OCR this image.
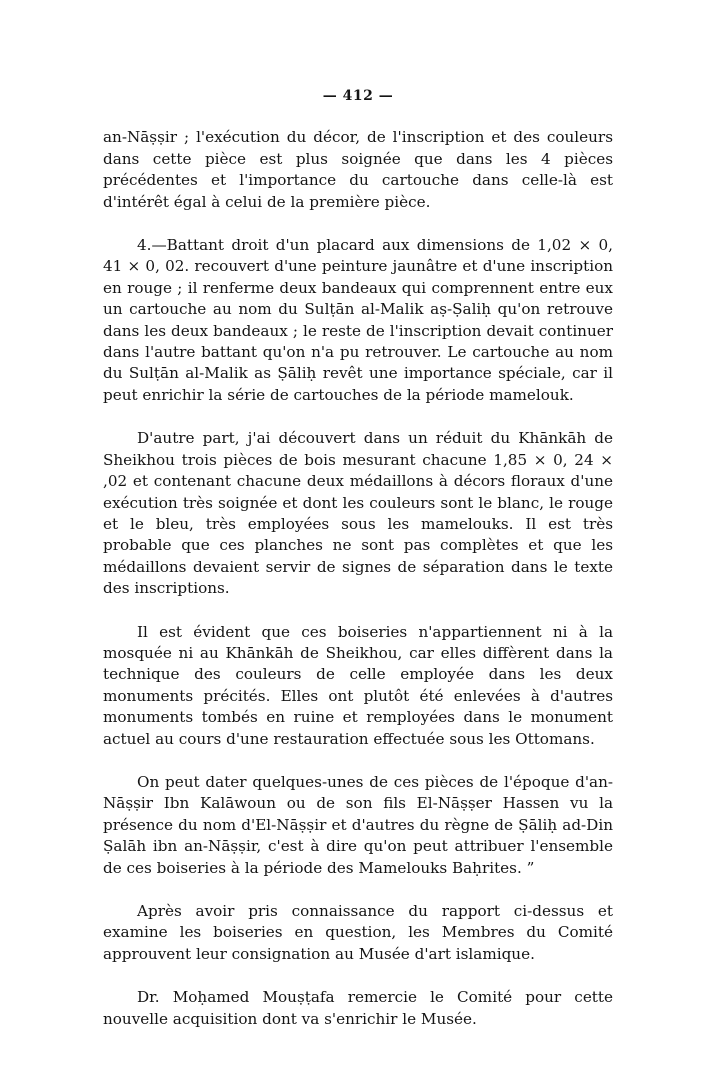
— 412 —

an-Nāṣṣir ; l'exécution du décor, de l'inscription et des couleurs dans cette pièce est plus soignée que dans les 4 pièces précédentes et l'importance du cartouche dans celle-là est d'intérêt égal à celui de la première pièce.

4.—Battant droit d'un placard aux dimensions de 1,02 × 0, 41 × 0, 02. recouvert d'une peinture jaunâtre et d'une inscription en rouge ; il renferme deux bandeaux qui comprennent entre eux un cartouche au nom du Sulṭān al-Malik aṣ-Ṣaliḥ qu'on retrouve dans les deux bandeaux ; le reste de l'inscription devait continuer dans l'autre battant qu'on n'a pu retrouver. Le cartouche au nom du Sulṭān al-Malik as Ṣāliḥ revêt une importance spéciale, car il peut enrichir la série de cartouches de la période mamelouk.

D'autre part, j'ai découvert dans un réduit du Khānkāh de Sheikhou trois pièces de bois mesurant chacune 1,85 × 0, 24 × ,02 et contenant chacune deux médaillons à décors floraux d'une exécution très soignée et dont les couleurs sont le blanc, le rouge et le bleu, très employées sous les mamelouks. Il est très probable que ces planches ne sont pas complètes et que les médaillons devaient servir de signes de séparation dans le texte des inscriptions.

Il est évident que ces boiseries n'appartiennent ni à la mosquée ni au Khānkāh de Sheikhou, car elles diffèrent dans la technique des couleurs de celle employée dans les deux monuments précités. Elles ont plutôt été enlevées à d'autres monuments tombés en ruine et remployées dans le monument actuel au cours d'une restauration effectuée sous les Ottomans.

On peut dater quelques-unes de ces pièces de l'époque d'an-Nāṣṣir Ibn Kalāwoun ou de son fils El-Nāṣṣer Hassen vu la présence du nom d'El-Nāṣṣir et d'autres du règne de Ṣāliḥ ad-Din Ṣalāh ibn an-Nāṣṣir, c'est à dire qu'on peut attribuer l'ensemble de ces boiseries à la période des Mamelouks Baḥrites. ”

Après avoir pris connaissance du rapport ci-dessus et examine les boiseries en question, les Membres du Comité approuvent leur consignation au Musée d'art islamique.

Dr. Moḥamed Mouṣṭafa remercie le Comité pour cette nouvelle acquisition dont va s'enrichir le Musée.
